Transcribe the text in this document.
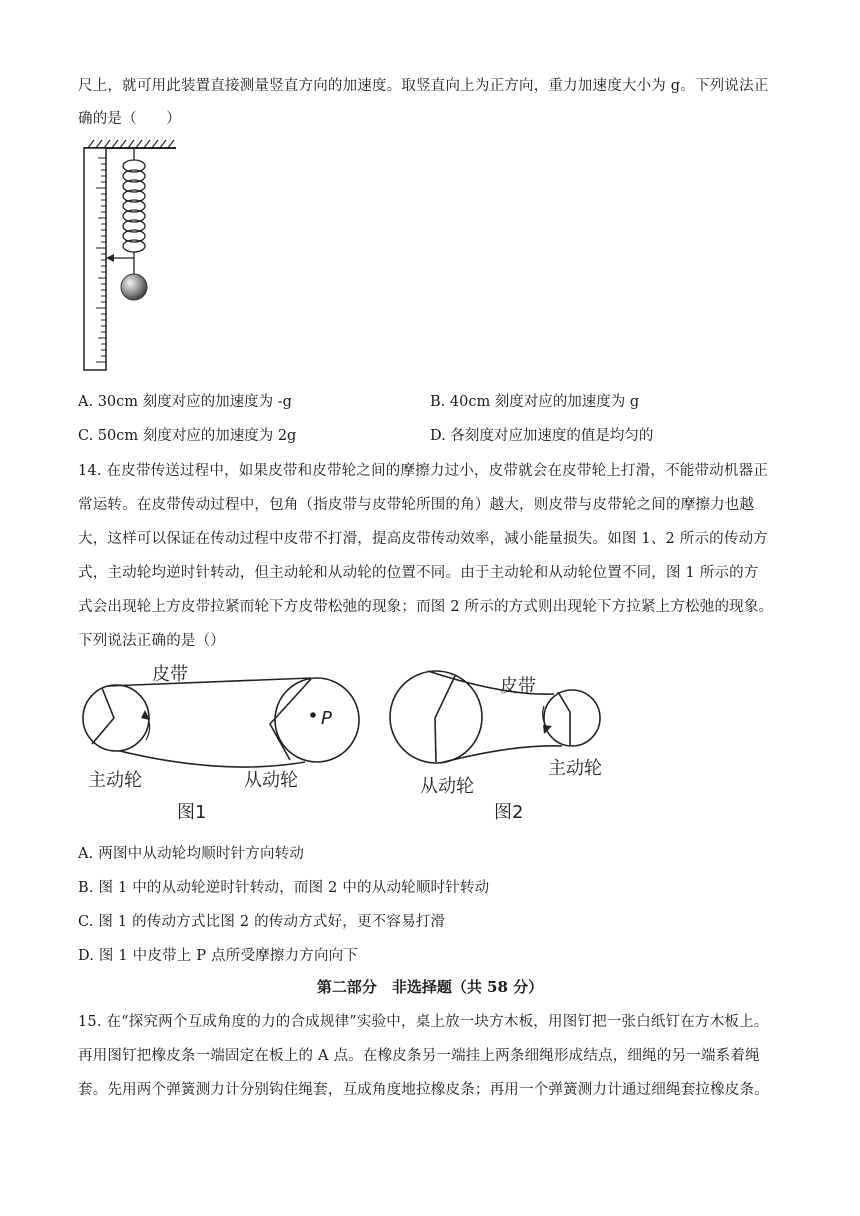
尺上，就可用此装置直接测量竖直方向的加速度。取竖直向上为正方向，重力加速度大小为 g。下列说法正
确的是（　　）
A. 30cm 刻度对应的加速度为 -g	B. 40cm 刻度对应的加速度为 g
C. 50cm 刻度对应的加速度为 2g	D. 各刻度对应加速度的值是均匀的
14. 在皮带传送过程中，如果皮带和皮带轮之间的摩擦力过小，皮带就会在皮带轮上打滑，不能带动机器正
常运转。在皮带传动过程中，包角（指皮带与皮带轮所围的角）越大，则皮带与皮带轮之间的摩擦力也越
大，这样可以保证在传动过程中皮带不打滑，提高皮带传动效率，减小能量损失。如图 1、2 所示的传动方
式，主动轮均逆时针转动，但主动轮和从动轮的位置不同。由于主动轮和从动轮位置不同，图 1 所示的方
式会出现轮上方皮带拉紧而轮下方皮带松弛的现象；而图 2 所示的方式则出现轮下方拉紧上方松弛的现象。
下列说法正确的是（）
皮带
P
主动轮	从动轮
图1
皮带
从动轮
主动轮
图2
A. 两图中从动轮均顺时针方向转动
B. 图 1 中的从动轮逆时针转动，而图 2 中的从动轮顺时针转动
C. 图 1 的传动方式比图 2 的传动方式好，更不容易打滑
D. 图 1 中皮带上 P 点所受摩擦力方向向下
第二部分　非选择题（共 58 分）
15. 在“探究两个互成角度的力的合成规律”实验中，桌上放一块方木板，用图钉把一张白纸钉在方木板上。
再用图钉把橡皮条一端固定在板上的 A 点。在橡皮条另一端挂上两条细绳形成结点，细绳的另一端系着绳
套。先用两个弹簧测力计分别钩住绳套，互成角度地拉橡皮条；再用一个弹簧测力计通过细绳套拉橡皮条。
